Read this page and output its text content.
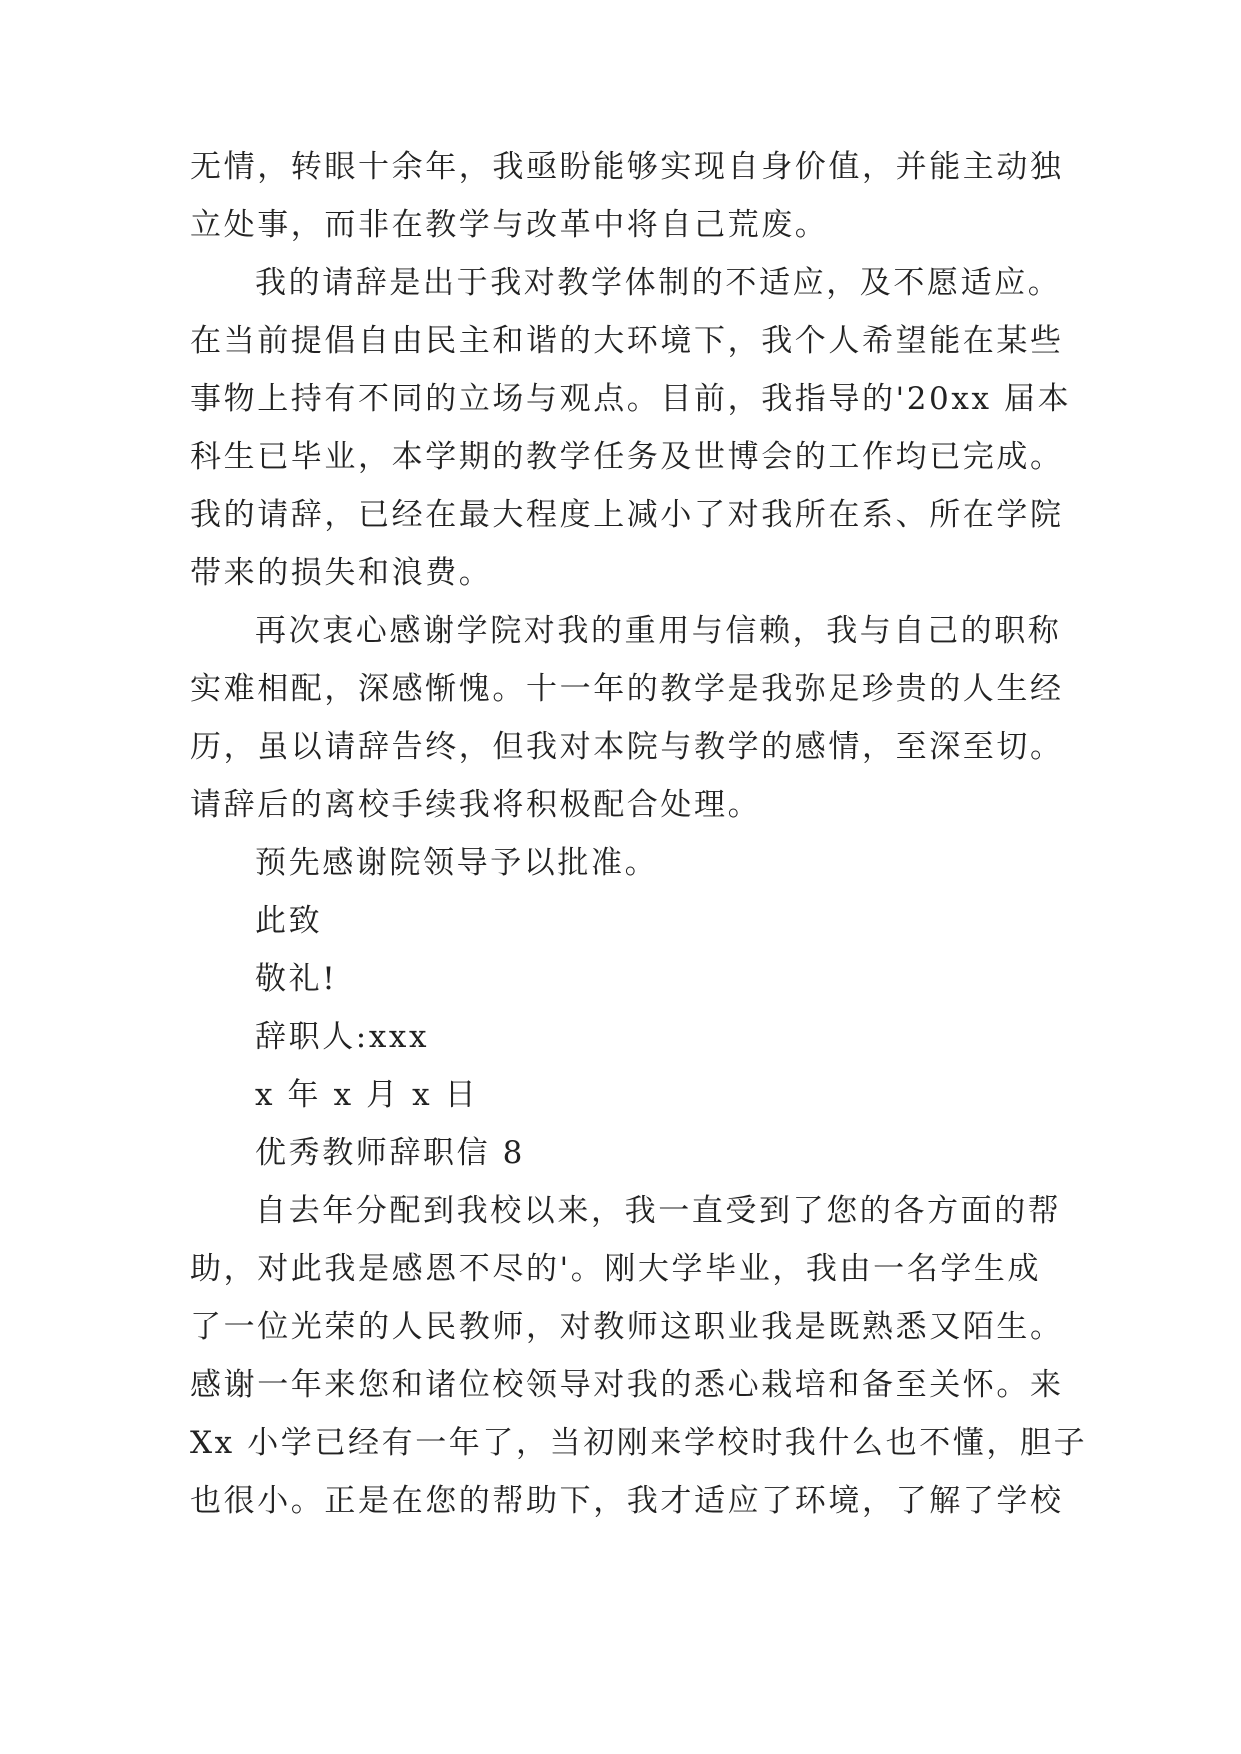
无情，转眼十余年，我亟盼能够实现自身价值，并能主动独

立处事，而非在教学与改革中将自己荒废。

我的请辞是出于我对教学体制的不适应，及不愿适应。

在当前提倡自由民主和谐的大环境下，我个人希望能在某些

事物上持有不同的立场与观点。目前，我指导的'20xx 届本

科生已毕业，本学期的教学任务及世博会的工作均已完成。

我的请辞，已经在最大程度上减小了对我所在系、所在学院

带来的损失和浪费。

再次衷心感谢学院对我的重用与信赖，我与自己的职称

实难相配，深感惭愧。十一年的教学是我弥足珍贵的人生经

历，虽以请辞告终，但我对本院与教学的感情，至深至切。

请辞后的离校手续我将积极配合处理。

预先感谢院领导予以批准。

此致

敬礼!

辞职人:xxx

x 年 x 月 x 日

优秀教师辞职信 8

自去年分配到我校以来，我一直受到了您的各方面的帮

助，对此我是感恩不尽的'。刚大学毕业，我由一名学生成

了一位光荣的人民教师，对教师这职业我是既熟悉又陌生。

感谢一年来您和诸位校领导对我的悉心栽培和备至关怀。来

Xx 小学已经有一年了，当初刚来学校时我什么也不懂，胆子

也很小。正是在您的帮助下，我才适应了环境，了解了学校
